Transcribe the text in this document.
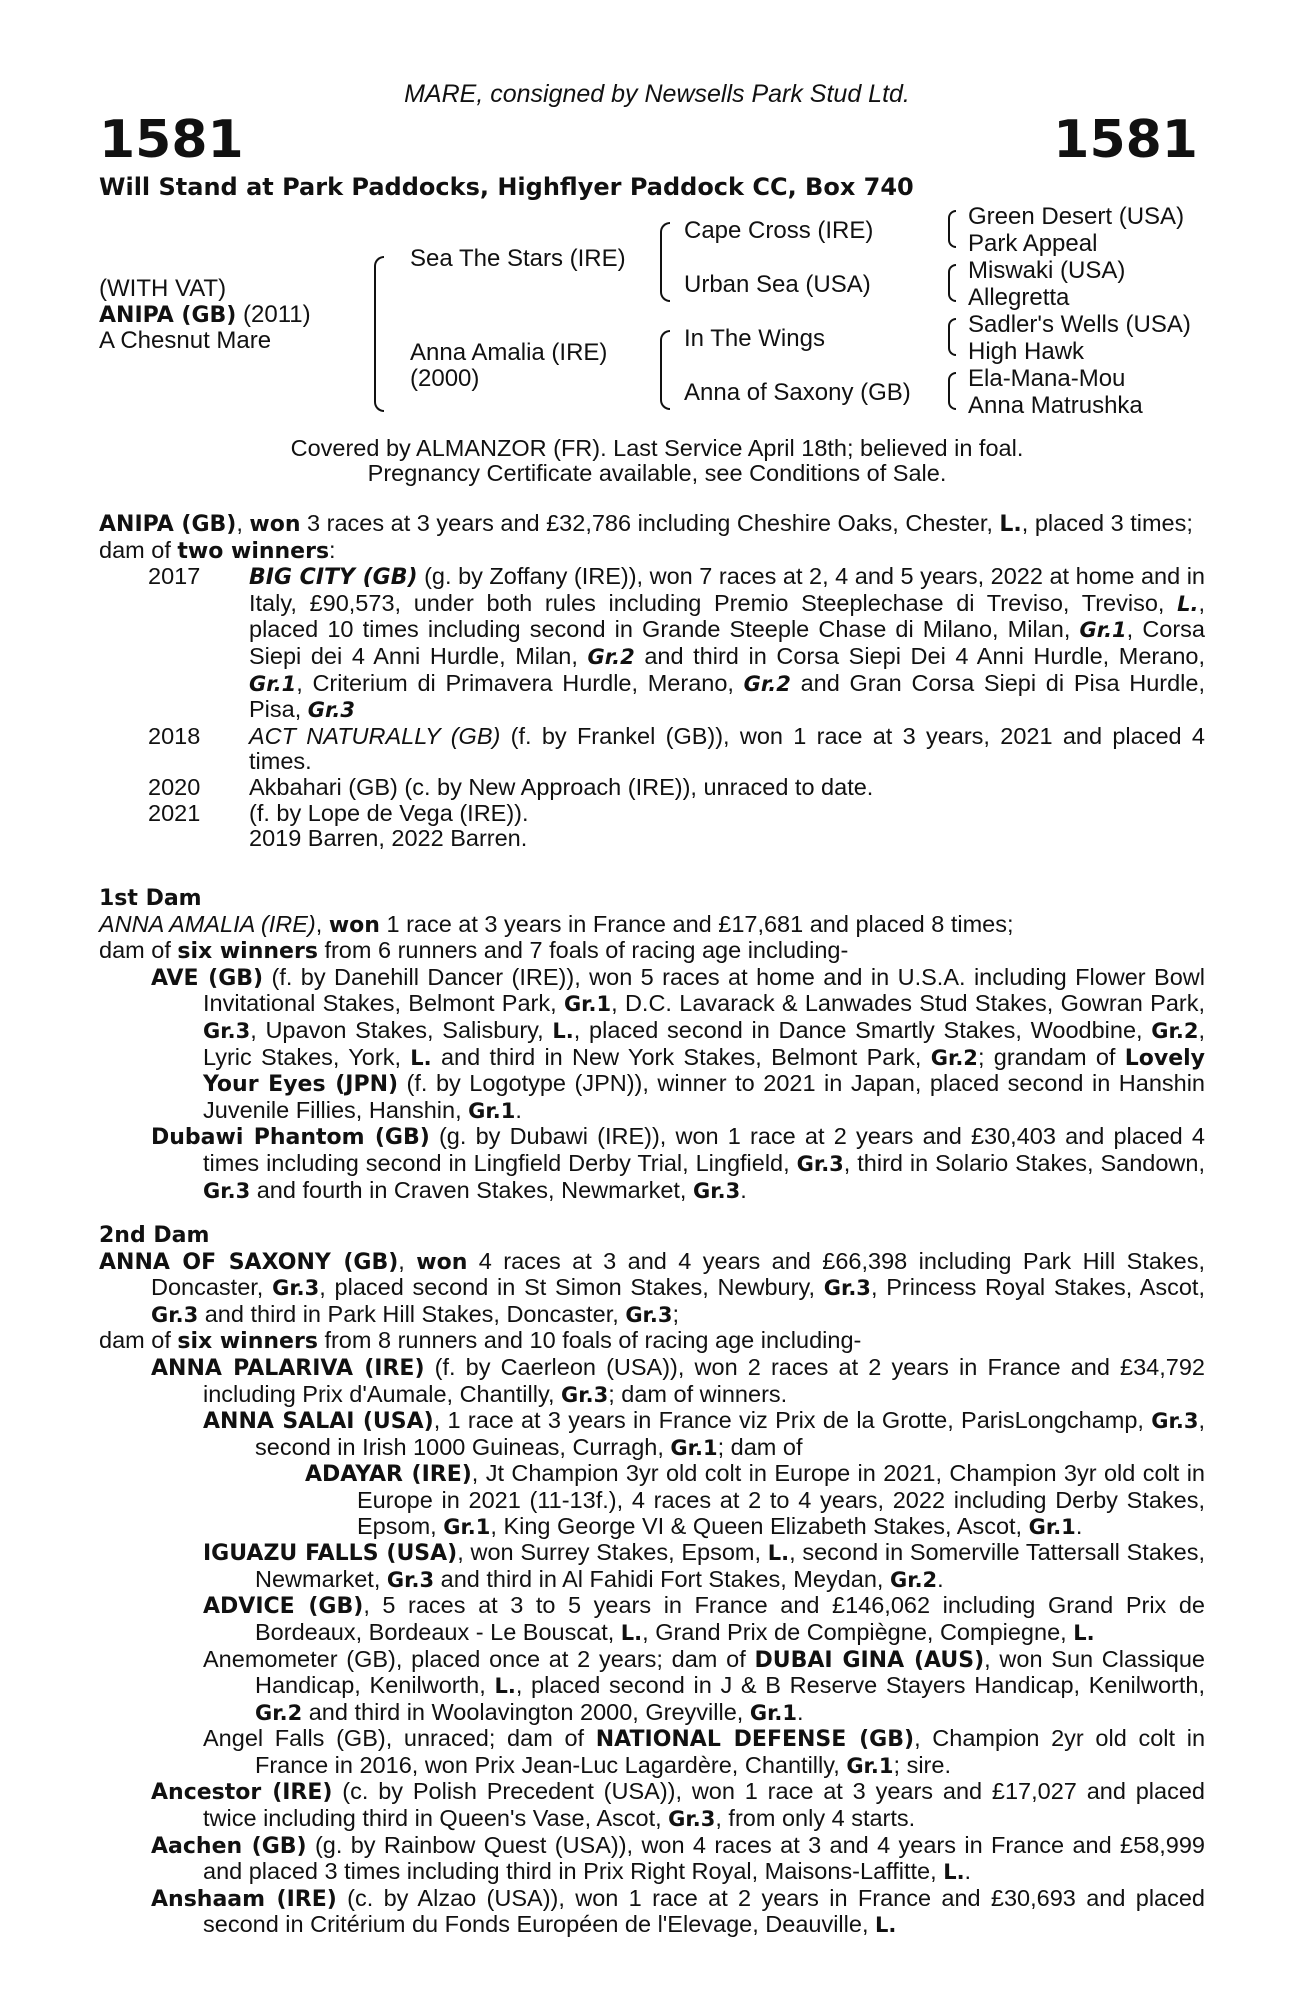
MARE, consigned by Newsells Park Stud Ltd.
1581	1581
Will Stand at Park Paddocks, Highflyer Paddock CC, Box 740
(WITH VAT)
ANIPA (GB) (2011)
A Chesnut Mare
Sea The Stars (IRE)
Anna Amalia (IRE)
(2000)
Cape Cross (IRE)
Urban Sea (USA)
In The Wings
Anna of Saxony (GB)
Green Desert (USA)
Park Appeal
Miswaki (USA)
Allegretta
Sadler's Wells (USA)
High Hawk
Ela-Mana-Mou
Anna Matrushka
Covered by ALMANZOR (FR). Last Service April 18th; believed in foal.
Pregnancy Certificate available, see Conditions of Sale.

ANIPA (GB), won 3 races at 3 years and £32,786 including Cheshire Oaks, Chester, L., placed 3 times;

dam of two winners:

2017 BIG CITY (GB) (g. by Zoffany (IRE)), won 7 races at 2, 4 and 5 years, 2022 at home and in Italy, £90,573, under both rules including Premio Steeplechase di Treviso, Treviso, L., placed 10 times including second in Grande Steeple Chase di Milano, Milan, Gr.1, Corsa Siepi dei 4 Anni Hurdle, Milan, Gr.2 and third in Corsa Siepi Dei 4 Anni Hurdle, Merano, Gr.1, Criterium di Primavera Hurdle, Merano, Gr.2 and Gran Corsa Siepi di Pisa Hurdle, Pisa, Gr.3

2018 ACT NATURALLY (GB) (f. by Frankel (GB)), won 1 race at 3 years, 2021 and placed 4 times.

2020 Akbahari (GB) (c. by New Approach (IRE)), unraced to date.

2021 (f. by Lope de Vega (IRE)).

2019 Barren, 2022 Barren.

1st Dam

ANNA AMALIA (IRE), won 1 race at 3 years in France and £17,681 and placed 8 times;

dam of six winners from 6 runners and 7 foals of racing age including-

AVE (GB) (f. by Danehill Dancer (IRE)), won 5 races at home and in U.S.A. including Flower Bowl Invitational Stakes, Belmont Park, Gr.1, D.C. Lavarack & Lanwades Stud Stakes, Gowran Park, Gr.3, Upavon Stakes, Salisbury, L., placed second in Dance Smartly Stakes, Woodbine, Gr.2, Lyric Stakes, York, L. and third in New York Stakes, Belmont Park, Gr.2; grandam of Lovely Your Eyes (JPN) (f. by Logotype (JPN)), winner to 2021 in Japan, placed second in Hanshin Juvenile Fillies, Hanshin, Gr.1.

Dubawi Phantom (GB) (g. by Dubawi (IRE)), won 1 race at 2 years and £30,403 and placed 4 times including second in Lingfield Derby Trial, Lingfield, Gr.3, third in Solario Stakes, Sandown, Gr.3 and fourth in Craven Stakes, Newmarket, Gr.3.

2nd Dam

ANNA OF SAXONY (GB), won 4 races at 3 and 4 years and £66,398 including Park Hill Stakes, Doncaster, Gr.3, placed second in St Simon Stakes, Newbury, Gr.3, Princess Royal Stakes, Ascot, Gr.3 and third in Park Hill Stakes, Doncaster, Gr.3;

dam of six winners from 8 runners and 10 foals of racing age including-

ANNA PALARIVA (IRE) (f. by Caerleon (USA)), won 2 races at 2 years in France and £34,792 including Prix d'Aumale, Chantilly, Gr.3; dam of winners.

ANNA SALAI (USA), 1 race at 3 years in France viz Prix de la Grotte, ParisLongchamp, Gr.3, second in Irish 1000 Guineas, Curragh, Gr.1; dam of

ADAYAR (IRE), Jt Champion 3yr old colt in Europe in 2021, Champion 3yr old colt in Europe in 2021 (11-13f.), 4 races at 2 to 4 years, 2022 including Derby Stakes, Epsom, Gr.1, King George VI & Queen Elizabeth Stakes, Ascot, Gr.1.

IGUAZU FALLS (USA), won Surrey Stakes, Epsom, L., second in Somerville Tattersall Stakes, Newmarket, Gr.3 and third in Al Fahidi Fort Stakes, Meydan, Gr.2.

ADVICE (GB), 5 races at 3 to 5 years in France and £146,062 including Grand Prix de Bordeaux, Bordeaux - Le Bouscat, L., Grand Prix de Compiègne, Compiegne, L.

Anemometer (GB), placed once at 2 years; dam of DUBAI GINA (AUS), won Sun Classique Handicap, Kenilworth, L., placed second in J & B Reserve Stayers Handicap, Kenilworth, Gr.2 and third in Woolavington 2000, Greyville, Gr.1.

Angel Falls (GB), unraced; dam of NATIONAL DEFENSE (GB), Champion 2yr old colt in France in 2016, won Prix Jean-Luc Lagardère, Chantilly, Gr.1; sire.

Ancestor (IRE) (c. by Polish Precedent (USA)), won 1 race at 3 years and £17,027 and placed twice including third in Queen's Vase, Ascot, Gr.3, from only 4 starts.

Aachen (GB) (g. by Rainbow Quest (USA)), won 4 races at 3 and 4 years in France and £58,999 and placed 3 times including third in Prix Right Royal, Maisons-Laffitte, L..

Anshaam (IRE) (c. by Alzao (USA)), won 1 race at 2 years in France and £30,693 and placed second in Critérium du Fonds Européen de l'Elevage, Deauville, L.
